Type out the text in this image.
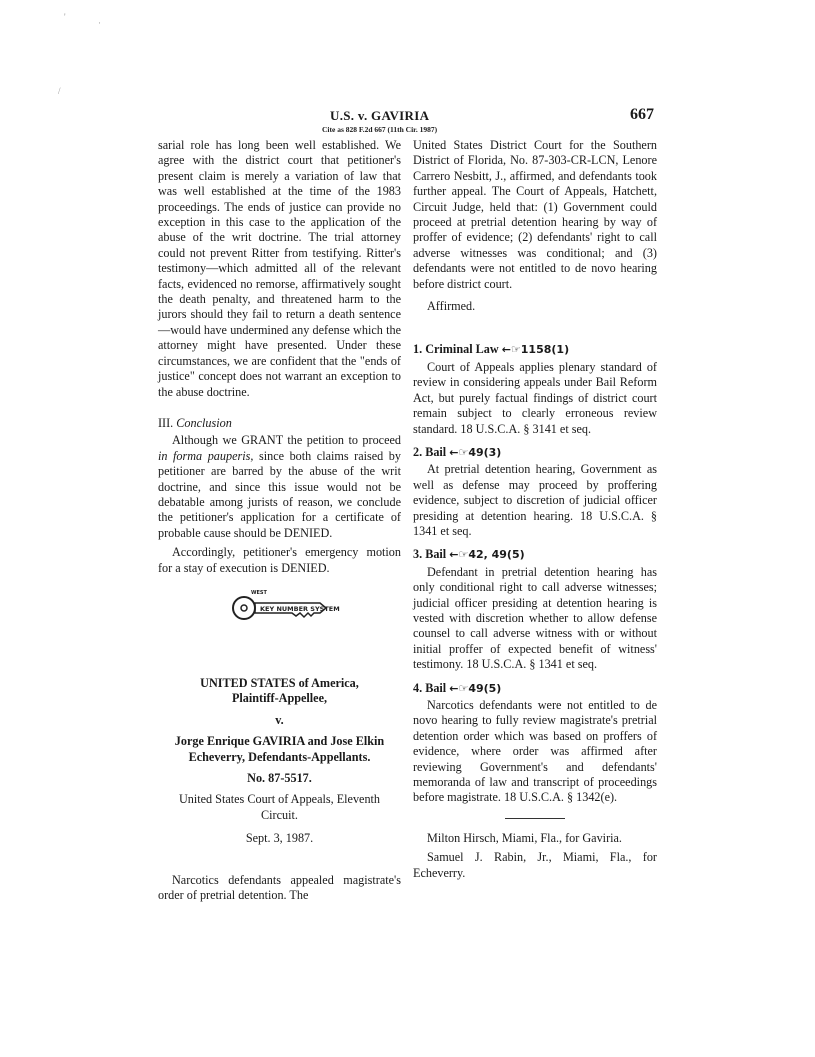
U.S. v. GAVIRIA	667
Cite as 828 F.2d 667 (11th Cir. 1987)

sarial role has long been well established. We agree with the district court that petitioner's present claim is merely a variation of law that was well established at the time of the 1983 proceedings. The ends of justice can provide no exception in this case to the application of the abuse of the writ doctrine. The trial attorney could not prevent Ritter from testifying. Ritter's testimony—which admitted all of the relevant facts, evidenced no remorse, affirmatively sought the death penalty, and threatened harm to the jurors should they fail to return a death sentence—would have undermined any defense which the attorney might have presented. Under these circumstances, we are confident that the "ends of justice" concept does not warrant an exception to the abuse doctrine.

III. Conclusion

Although we GRANT the petition to proceed in forma pauperis, since both claims raised by petitioner are barred by the abuse of the writ doctrine, and since this issue would not be debatable among jurists of reason, we conclude the petitioner's application for a certificate of probable cause should be DENIED.

Accordingly, petitioner's emergency motion for a stay of execution is DENIED.

KEY NUMBER SYSTEM
WEST

UNITED STATES of America,

Plaintiff-Appellee,

v.

Jorge Enrique GAVIRIA and Jose Elkin Echeverry, Defendants-Appellants.

No. 87-5517.

United States Court of Appeals, Eleventh Circuit.

Sept. 3, 1987.

Narcotics defendants appealed magistrate's order of pretrial detention. The

United States District Court for the Southern District of Florida, No. 87-303-CR-LCN, Lenore Carrero Nesbitt, J., affirmed, and defendants took further appeal. The Court of Appeals, Hatchett, Circuit Judge, held that: (1) Government could proceed at pretrial detention hearing by way of proffer of evidence; (2) defendants' right to call adverse witnesses was conditional; and (3) defendants were not entitled to de novo hearing before district court.

Affirmed.

1. Criminal Law ←☞1158(1)

Court of Appeals applies plenary standard of review in considering appeals under Bail Reform Act, but purely factual findings of district court remain subject to clearly erroneous review standard. 18 U.S.C.A. § 3141 et seq.

2. Bail ←☞49(3)

At pretrial detention hearing, Government as well as defense may proceed by proffering evidence, subject to discretion of judicial officer presiding at detention hearing. 18 U.S.C.A. § 1341 et seq.

3. Bail ←☞42, 49(5)

Defendant in pretrial detention hearing has only conditional right to call adverse witnesses; judicial officer presiding at detention hearing is vested with discretion whether to allow defense counsel to call adverse witness with or without initial proffer of expected benefit of witness' testimony. 18 U.S.C.A. § 1341 et seq.

4. Bail ←☞49(5)

Narcotics defendants were not entitled to de novo hearing to fully review magistrate's pretrial detention order which was based on proffers of evidence, where order was affirmed after reviewing Government's and defendants' memoranda of law and transcript of proceedings before magistrate. 18 U.S.C.A. § 1342(e).

Milton Hirsch, Miami, Fla., for Gaviria.

Samuel J. Rabin, Jr., Miami, Fla., for Echeverry.

'
·
/
